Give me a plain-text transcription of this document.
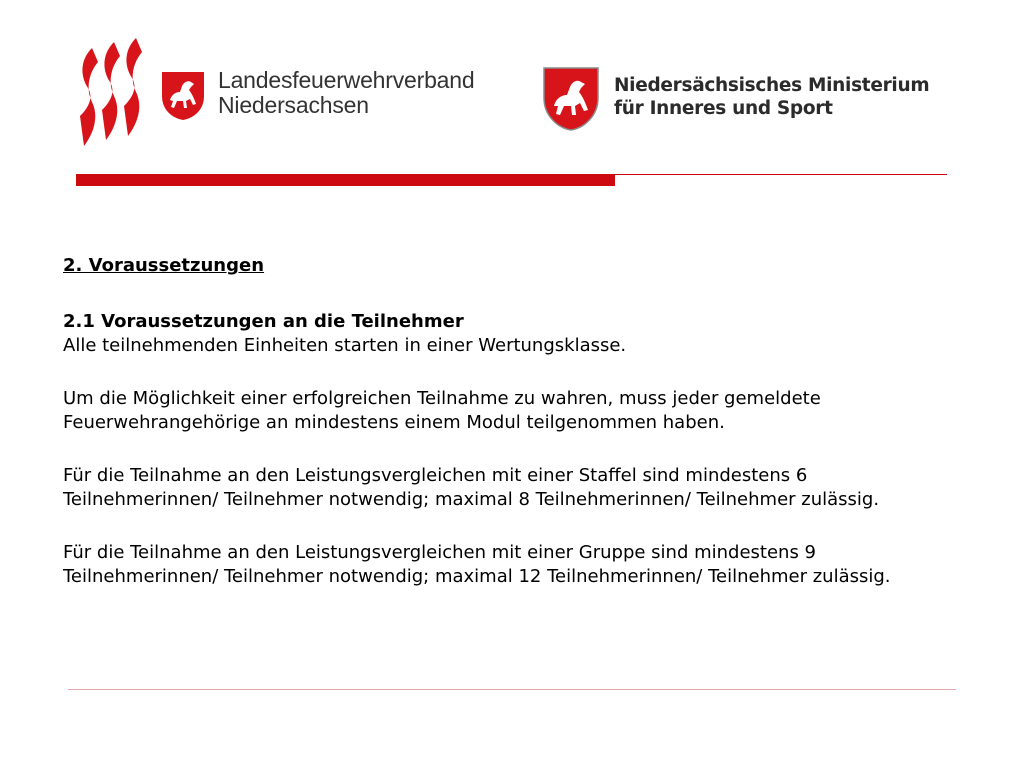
Landesfeuerwehrverband
Niedersachsen
Niedersächsisches Ministerium
für Inneres und Sport

2. Voraussetzungen

2.1 Voraussetzungen an die Teilnehmer

Alle teilnehmenden Einheiten starten in einer Wertungsklasse.

Um die Möglichkeit einer erfolgreichen Teilnahme zu wahren, muss jeder gemeldete Feuerwehrangehörige an mindestens einem Modul teilgenommen haben.

Für die Teilnahme an den Leistungsvergleichen mit einer Staffel sind mindestens 6 Teilnehmerinnen/ Teilnehmer notwendig; maximal 8 Teilnehmerinnen/ Teilnehmer zulässig.

Für die Teilnahme an den Leistungsvergleichen mit einer Gruppe sind mindestens 9 Teilnehmerinnen/ Teilnehmer notwendig; maximal 12 Teilnehmerinnen/ Teilnehmer zulässig.
